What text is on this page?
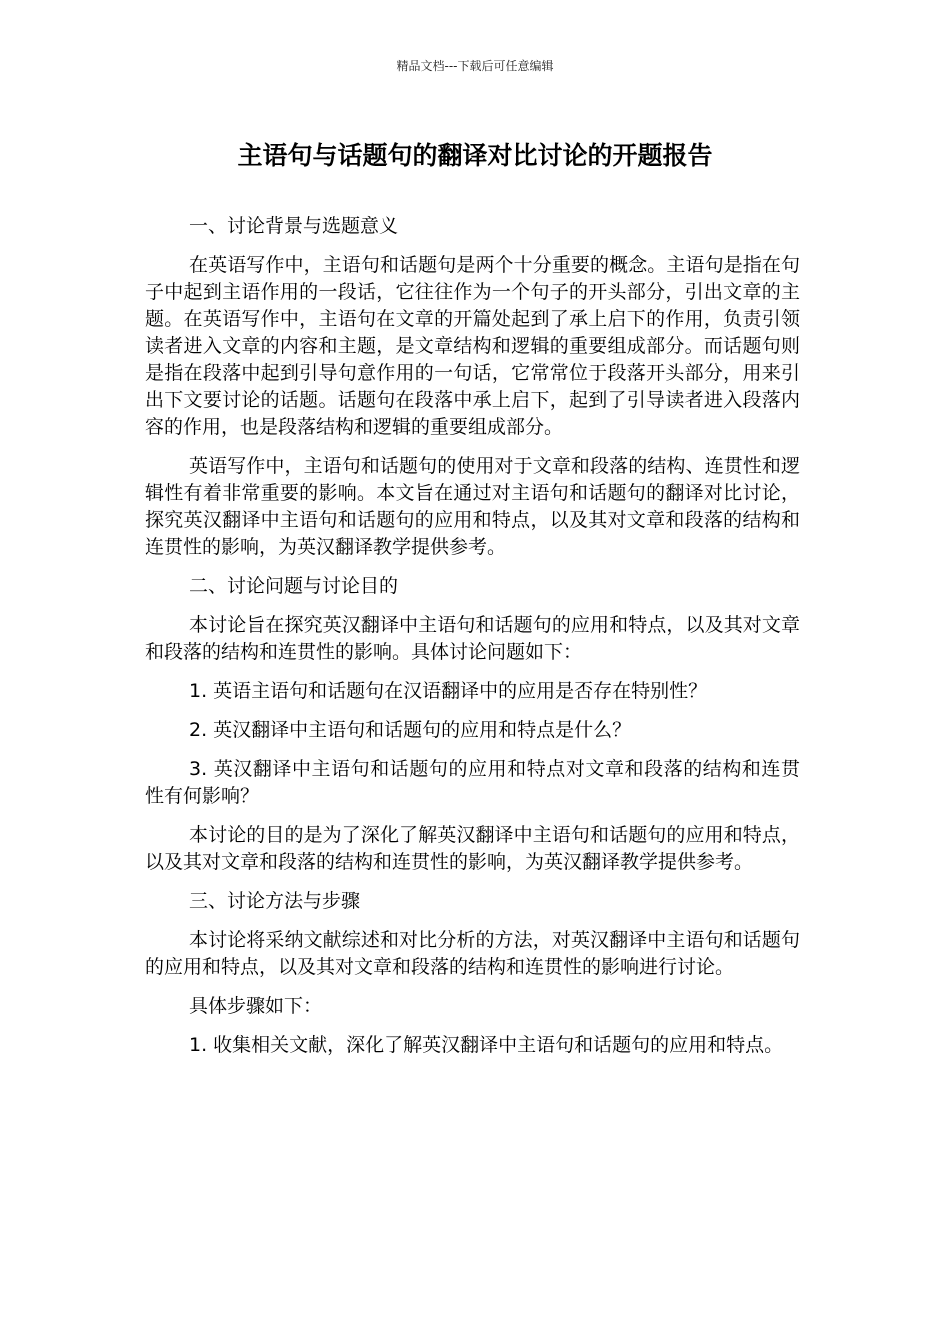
精品文档---下载后可任意编辑
主语句与话题句的翻译对比讨论的开题报告

一、讨论背景与选题意义

在英语写作中，主语句和话题句是两个十分重要的概念。主语句是指在句子中起到主语作用的一段话，它往往作为一个句子的开头部分，引出文章的主题。在英语写作中，主语句在文章的开篇处起到了承上启下的作用，负责引领读者进入文章的内容和主题，是文章结构和逻辑的重要组成部分。而话题句则是指在段落中起到引导句意作用的一句话，它常常位于段落开头部分，用来引出下文要讨论的话题。话题句在段落中承上启下，起到了引导读者进入段落内容的作用，也是段落结构和逻辑的重要组成部分。

英语写作中，主语句和话题句的使用对于文章和段落的结构、连贯性和逻辑性有着非常重要的影响。本文旨在通过对主语句和话题句的翻译对比讨论，探究英汉翻译中主语句和话题句的应用和特点，以及其对文章和段落的结构和连贯性的影响，为英汉翻译教学提供参考。

二、讨论问题与讨论目的

本讨论旨在探究英汉翻译中主语句和话题句的应用和特点，以及其对文章和段落的结构和连贯性的影响。具体讨论问题如下：

1. 英语主语句和话题句在汉语翻译中的应用是否存在特别性？

2. 英汉翻译中主语句和话题句的应用和特点是什么？

3. 英汉翻译中主语句和话题句的应用和特点对文章和段落的结构和连贯性有何影响？

本讨论的目的是为了深化了解英汉翻译中主语句和话题句的应用和特点，以及其对文章和段落的结构和连贯性的影响，为英汉翻译教学提供参考。

三、讨论方法与步骤

本讨论将采纳文献综述和对比分析的方法，对英汉翻译中主语句和话题句的应用和特点，以及其对文章和段落的结构和连贯性的影响进行讨论。

具体步骤如下：

1. 收集相关文献，深化了解英汉翻译中主语句和话题句的应用和特点。
